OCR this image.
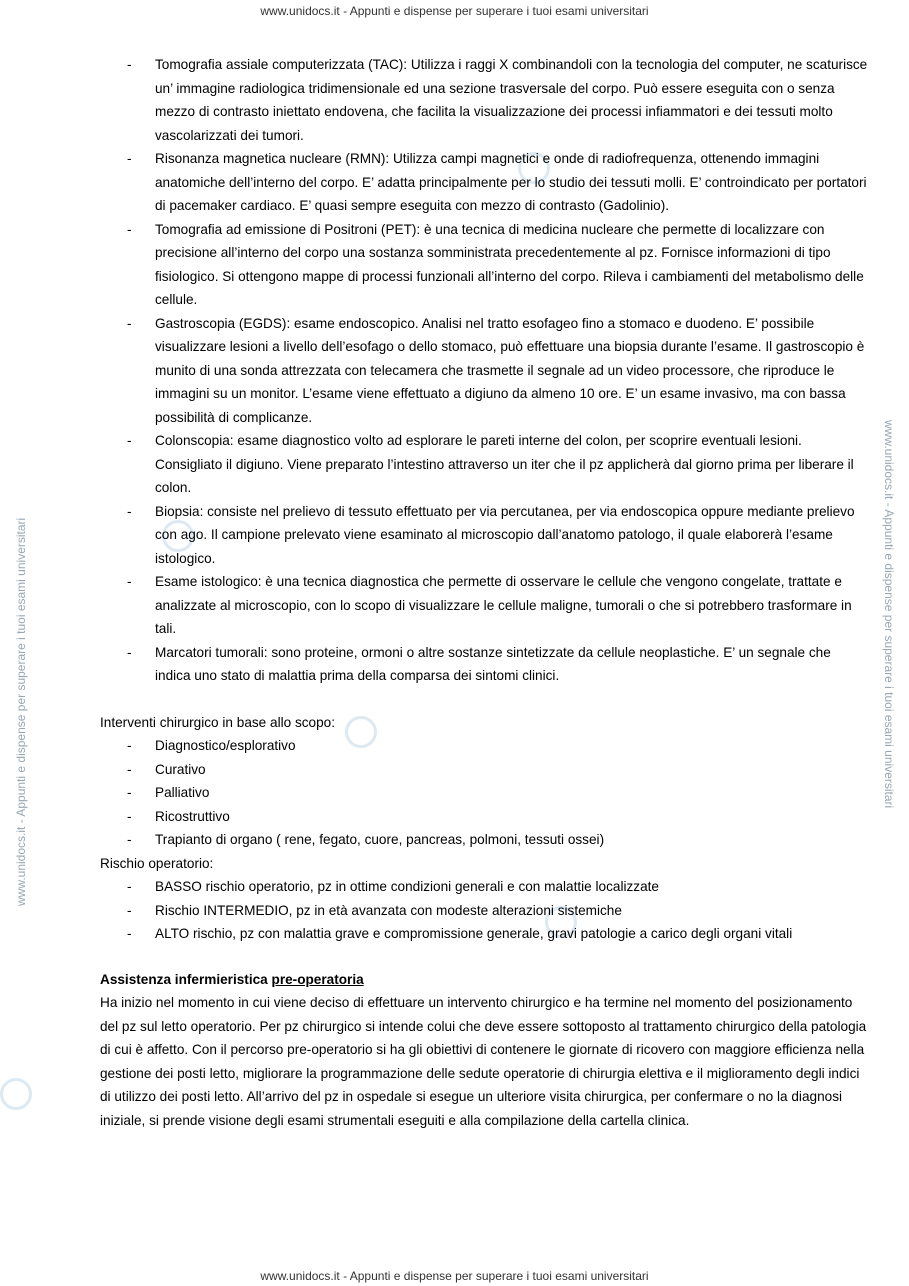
www.unidocs.it - Appunti e dispense per superare i tuoi esami universitari
www.unidocs.it - Appunti e dispense per superare i tuoi esami universitari	www.unidocs.it - Appunti e dispense per superare i tuoi esami universitari
- Tomografia assiale computerizzata (TAC): Utilizza i raggi X combinandoli con la tecnologia del computer, ne scaturisce un’ immagine radiologica tridimensionale ed una sezione trasversale del corpo. Può essere eseguita con o senza mezzo di contrasto iniettato endovena, che facilita la visualizzazione dei processi infiammatori e dei tessuti molto vascolarizzati dei tumori.
- Risonanza magnetica nucleare (RMN): Utilizza campi magnetici e onde di radiofrequenza, ottenendo immagini anatomiche dell’interno del corpo. E’ adatta principalmente per lo studio dei tessuti molli. E’ controindicato per portatori di pacemaker cardiaco. E’ quasi sempre eseguita con mezzo di contrasto (Gadolinio).
- Tomografia ad emissione di Positroni (PET): è una tecnica di medicina nucleare che permette di localizzare con precisione all’interno del corpo una sostanza somministrata precedentemente al pz. Fornisce informazioni di tipo fisiologico. Si ottengono mappe di processi funzionali all’interno del corpo. Rileva i cambiamenti del metabolismo delle cellule.
- Gastroscopia (EGDS): esame endoscopico. Analisi nel tratto esofageo fino a stomaco e duodeno. E’ possibile visualizzare lesioni a livello dell’esofago o dello stomaco, può effettuare una biopsia durante l’esame. Il gastroscopio è munito di una sonda attrezzata con telecamera che trasmette il segnale ad un video processore, che riproduce le immagini su un monitor. L’esame viene effettuato a digiuno da almeno 10 ore. E’ un esame invasivo, ma con bassa possibilità di complicanze.
- Colonscopia: esame diagnostico volto ad esplorare le pareti interne del colon, per scoprire eventuali lesioni. Consigliato il digiuno. Viene preparato l’intestino attraverso un iter che il pz applicherà dal giorno prima per liberare il colon.
- Biopsia: consiste nel prelievo di tessuto effettuato per via percutanea, per via endoscopica oppure mediante prelievo con ago. Il campione prelevato viene esaminato al microscopio dall’anatomo patologo, il quale elaborerà l’esame istologico.
- Esame istologico: è una tecnica diagnostica che permette di osservare le cellule che vengono congelate, trattate e analizzate al microscopio, con lo scopo di visualizzare le cellule maligne, tumorali o che si potrebbero trasformare in tali.
- Marcatori tumorali: sono proteine, ormoni o altre sostanze sintetizzate da cellule neoplastiche. E’ un segnale che indica uno stato di malattia prima della comparsa dei sintomi clinici.
Interventi chirurgico in base allo scopo:
- Diagnostico/esplorativo
- Curativo
- Palliativo
- Ricostruttivo
- Trapianto di organo ( rene, fegato, cuore, pancreas, polmoni, tessuti ossei)
Rischio operatorio:
- BASSO rischio operatorio, pz in ottime condizioni generali e con malattie localizzate
- Rischio INTERMEDIO, pz in età avanzata con modeste alterazioni sistemiche
- ALTO rischio, pz con malattia grave e compromissione generale, gravi patologie a carico degli organi vitali
Assistenza infermieristica pre-operatoria

Ha inizio nel momento in cui viene deciso di effettuare un intervento chirurgico e ha termine nel momento del posizionamento del pz sul letto operatorio. Per pz chirurgico si intende colui che deve essere sottoposto al trattamento chirurgico della patologia di cui è affetto. Con il percorso pre-operatorio si ha gli obiettivi di contenere le giornate di ricovero con maggiore efficienza nella gestione dei posti letto, migliorare la programmazione delle sedute operatorie di chirurgia elettiva e il miglioramento degli indici di utilizzo dei posti letto. All’arrivo del pz in ospedale si esegue un ulteriore visita chirurgica, per confermare o no la diagnosi iniziale, si prende visione degli esami strumentali eseguiti e alla compilazione della cartella clinica.

www.unidocs.it - Appunti e dispense per superare i tuoi esami universitari
